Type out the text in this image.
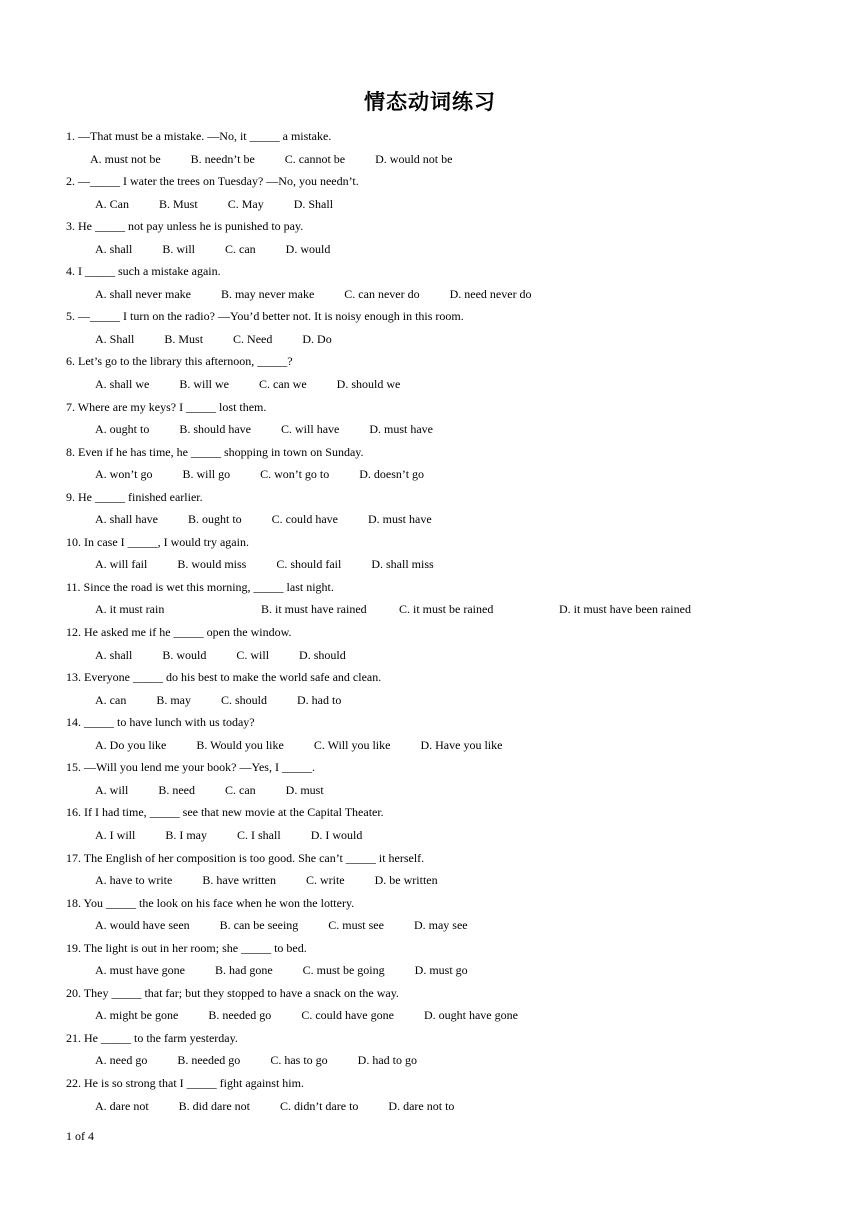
情态动词练习
1. —That must be a mistake. —No, it _____ a mistake.
A. must not be	B. needn’t be	C. cannot be	D. would not be
2. —_____ I water the trees on Tuesday? —No, you needn’t.
A. Can	B. Must	C. May	D. Shall
3. He _____ not pay unless he is punished to pay.
A. shall	B. will	C. can	D. would
4. I _____ such a mistake again.
A. shall never make	B. may never make	C. can never do	D. need never do
5. —_____ I turn on the radio? —You’d better not. It is noisy enough in this room.
A. Shall	B. Must	C. Need	D. Do
6. Let’s go to the library this afternoon, _____?
A. shall we	B. will we	C. can we	D. should we
7. Where are my keys? I _____ lost them.
A. ought to	B. should have	C. will have	D. must have
8. Even if he has time, he _____ shopping in town on Sunday.
A. won’t go	B. will go	C. won’t go to	D. doesn’t go
9. He _____ finished earlier.
A. shall have	B. ought to	C. could have	D. must have
10. In case I _____, I would try again.
A. will fail	B. would miss	C. should fail	D. shall miss
11. Since the road is wet this morning, _____ last night.
A. it must rain	B. it must have rained	C. it must be rained	D. it must have been rained
12. He asked me if he _____ open the window.
A. shall	B. would	C. will	D. should
13. Everyone _____ do his best to make the world safe and clean.
A. can	B. may	C. should	D. had to
14. _____ to have lunch with us today?
A. Do you like	B. Would you like	C. Will you like	D. Have you like
15. —Will you lend me your book? —Yes, I _____.
A. will	B. need	C. can	D. must
16. If I had time, _____ see that new movie at the Capital Theater.
A. I will	B. I may	C. I shall	D. I would
17. The English of her composition is too good. She can’t _____ it herself.
A. have to write	B. have written	C. write	D. be written
18. You _____ the look on his face when he won the lottery.
A. would have seen	B. can be seeing	C. must see	D. may see
19. The light is out in her room; she _____ to bed.
A. must have gone	B. had gone	C. must be going	D. must go
20. They _____ that far; but they stopped to have a snack on the way.
A. might be gone	B. needed go	C. could have gone	D. ought have gone
21. He _____ to the farm yesterday.
A. need go	B. needed go	C. has to go	D. had to go
22. He is so strong that I _____ fight against him.
A. dare not	B. did dare not	C. didn’t dare to	D. dare not to
1 of 4
